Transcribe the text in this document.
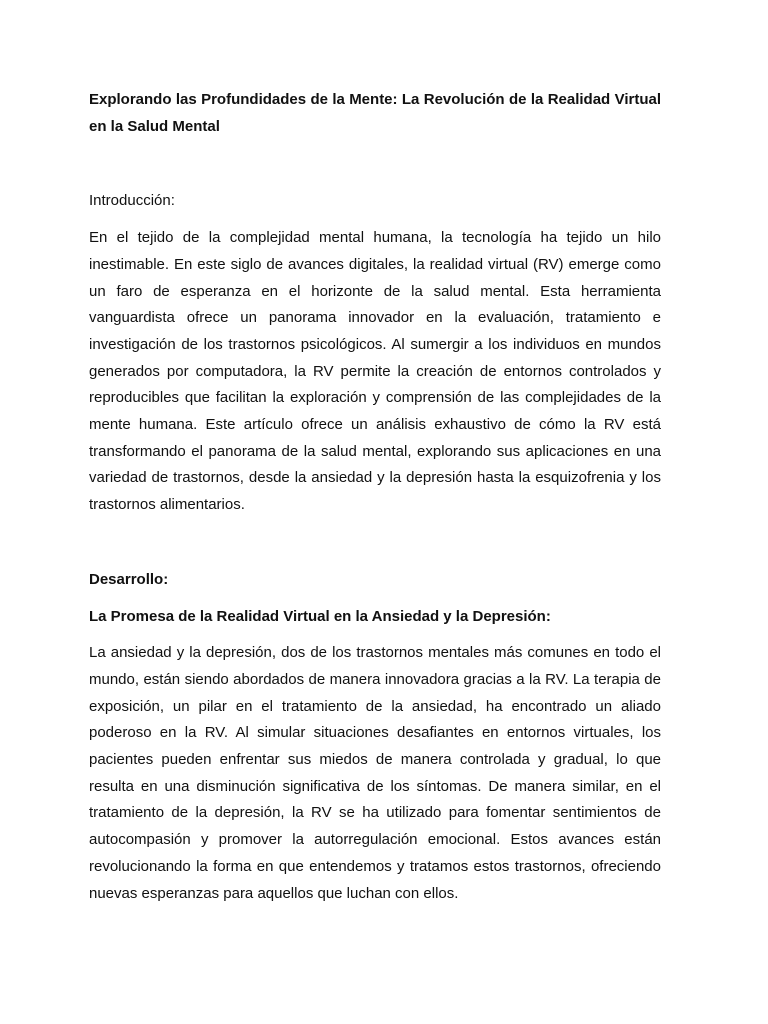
Explorando las Profundidades de la Mente: La Revolución de la Realidad Virtual en la Salud Mental

Introducción:

En el tejido de la complejidad mental humana, la tecnología ha tejido un hilo inestimable. En este siglo de avances digitales, la realidad virtual (RV) emerge como un faro de esperanza en el horizonte de la salud mental. Esta herramienta vanguardista ofrece un panorama innovador en la evaluación, tratamiento e investigación de los trastornos psicológicos. Al sumergir a los individuos en mundos generados por computadora, la RV permite la creación de entornos controlados y reproducibles que facilitan la exploración y comprensión de las complejidades de la mente humana. Este artículo ofrece un análisis exhaustivo de cómo la RV está transformando el panorama de la salud mental, explorando sus aplicaciones en una variedad de trastornos, desde la ansiedad y la depresión hasta la esquizofrenia y los trastornos alimentarios.

Desarrollo:

La Promesa de la Realidad Virtual en la Ansiedad y la Depresión:

La ansiedad y la depresión, dos de los trastornos mentales más comunes en todo el mundo, están siendo abordados de manera innovadora gracias a la RV. La terapia de exposición, un pilar en el tratamiento de la ansiedad, ha encontrado un aliado poderoso en la RV. Al simular situaciones desafiantes en entornos virtuales, los pacientes pueden enfrentar sus miedos de manera controlada y gradual, lo que resulta en una disminución significativa de los síntomas. De manera similar, en el tratamiento de la depresión, la RV se ha utilizado para fomentar sentimientos de autocompasión y promover la autorregulación emocional. Estos avances están revolucionando la forma en que entendemos y tratamos estos trastornos, ofreciendo nuevas esperanzas para aquellos que luchan con ellos.
